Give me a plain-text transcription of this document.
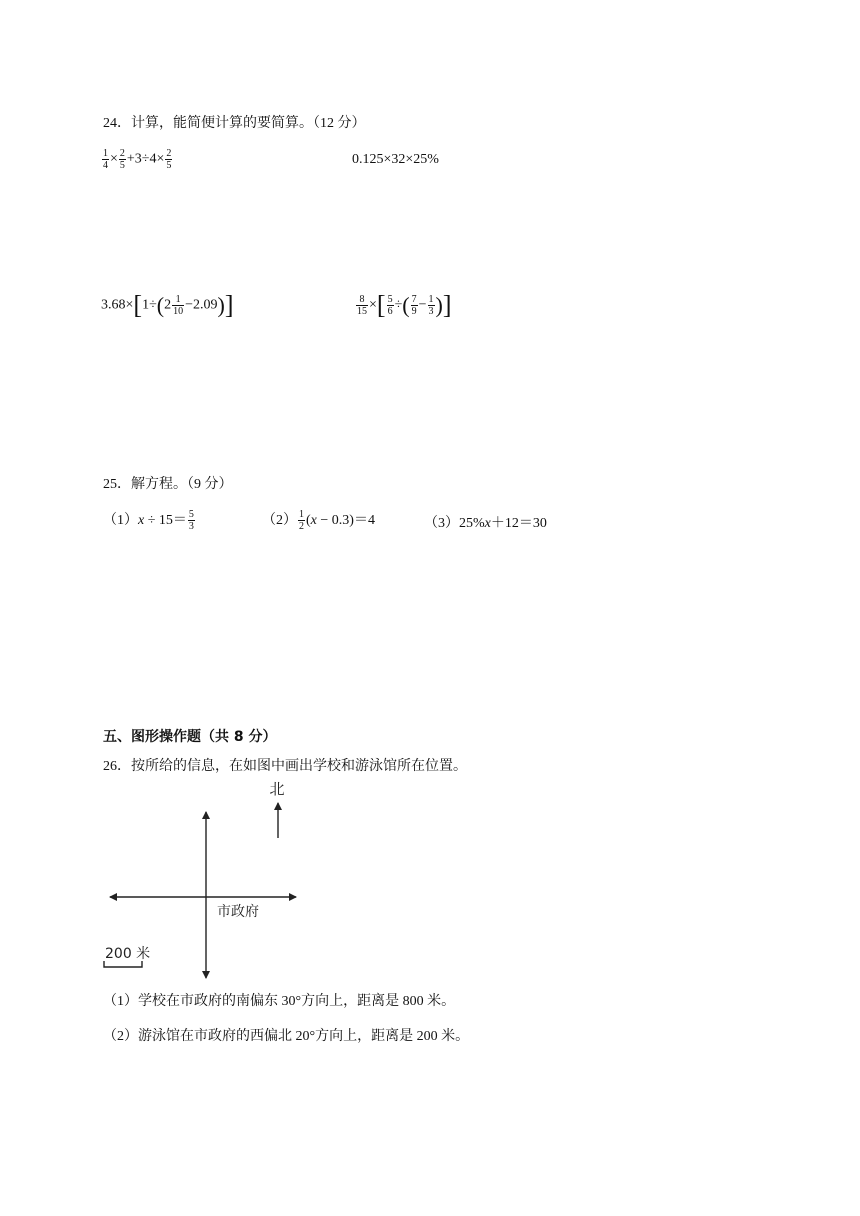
24．计算，能简便计算的要简算。（12 分）
$\frac{1}{4} \times \frac{2}{5} +3\div 4\times \frac{2}{5}$	0.125×32×25%
$3.68\times[1\div(2 \frac{1}{10} -2.09)]$	$\frac{8}{15}$ ×[ $\frac{5}{6}$ ÷( $\frac{7}{9} - \frac{1}{3}$ )]
25．解方程。（9 分）
$(1)x \div 15= \frac{5}{3}$	$(2) \frac{1}{2} (x - 0.3)=4$	（3）25%x＋12＝30
五、图形操作题（共 8 分）
26．按所给的信息，在如图中画出学校和游泳馆所在位置。
北
市政府
200 米
（1）学校在市政府的南偏东 30°方向上，距离是 800 米。
（2）游泳馆在市政府的西偏北 20°方向上，距离是 200 米。
